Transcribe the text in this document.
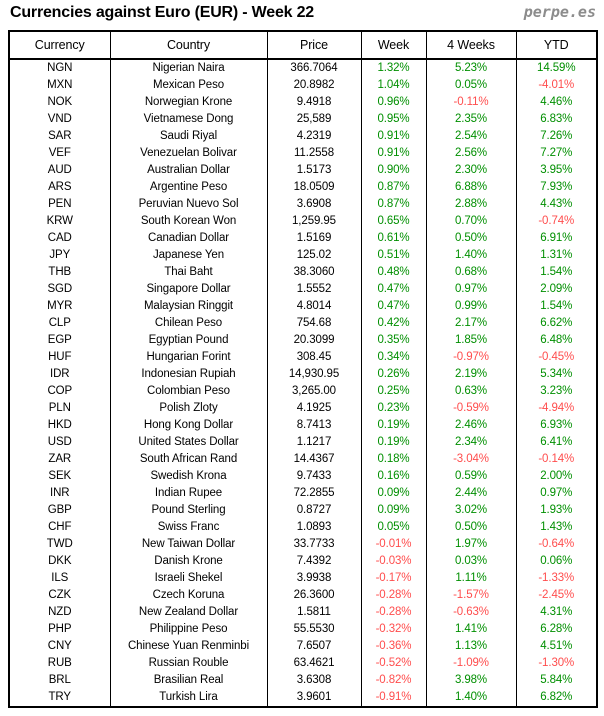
Currencies against Euro (EUR) - Week 22	perpe.es
Currency	Country	Price	Week	4 Weeks	YTD
NGN	Nigerian Naira	366.7064	1.32%	5.23%	14.59%
MXN	Mexican Peso	20.8982	1.04%	0.05%	-4.01%
NOK	Norwegian Krone	9.4918	0.96%	-0.11%	4.46%
VND	Vietnamese Dong	25,589	0.95%	2.35%	6.83%
SAR	Saudi Riyal	4.2319	0.91%	2.54%	7.26%
VEF	Venezuelan Bolivar	11.2558	0.91%	2.56%	7.27%
AUD	Australian Dollar	1.5173	0.90%	2.30%	3.95%
ARS	Argentine Peso	18.0509	0.87%	6.88%	7.93%
PEN	Peruvian Nuevo Sol	3.6908	0.87%	2.88%	4.43%
KRW	South Korean Won	1,259.95	0.65%	0.70%	-0.74%
CAD	Canadian Dollar	1.5169	0.61%	0.50%	6.91%
JPY	Japanese Yen	125.02	0.51%	1.40%	1.31%
THB	Thai Baht	38.3060	0.48%	0.68%	1.54%
SGD	Singapore Dollar	1.5552	0.47%	0.97%	2.09%
MYR	Malaysian Ringgit	4.8014	0.47%	0.99%	1.54%
CLP	Chilean Peso	754.68	0.42%	2.17%	6.62%
EGP	Egyptian Pound	20.3099	0.35%	1.85%	6.48%
HUF	Hungarian Forint	308.45	0.34%	-0.97%	-0.45%
IDR	Indonesian Rupiah	14,930.95	0.26%	2.19%	5.34%
COP	Colombian Peso	3,265.00	0.25%	0.63%	3.23%
PLN	Polish Zloty	4.1925	0.23%	-0.59%	-4.94%
HKD	Hong Kong Dollar	8.7413	0.19%	2.46%	6.93%
USD	United States Dollar	1.1217	0.19%	2.34%	6.41%
ZAR	South African Rand	14.4367	0.18%	-3.04%	-0.14%
SEK	Swedish Krona	9.7433	0.16%	0.59%	2.00%
INR	Indian Rupee	72.2855	0.09%	2.44%	0.97%
GBP	Pound Sterling	0.8727	0.09%	3.02%	1.93%
CHF	Swiss Franc	1.0893	0.05%	0.50%	1.43%
TWD	New Taiwan Dollar	33.7733	-0.01%	1.97%	-0.64%
DKK	Danish Krone	7.4392	-0.03%	0.03%	0.06%
ILS	Israeli Shekel	3.9938	-0.17%	1.11%	-1.33%
CZK	Czech Koruna	26.3600	-0.28%	-1.57%	-2.45%
NZD	New Zealand Dollar	1.5811	-0.28%	-0.63%	4.31%
PHP	Philippine Peso	55.5530	-0.32%	1.41%	6.28%
CNY	Chinese Yuan Renminbi	7.6507	-0.36%	1.13%	4.51%
RUB	Russian Rouble	63.4621	-0.52%	-1.09%	-1.30%
BRL	Brasilian Real	3.6308	-0.82%	3.98%	5.84%
TRY	Turkish Lira	3.9601	-0.91%	1.40%	6.82%
